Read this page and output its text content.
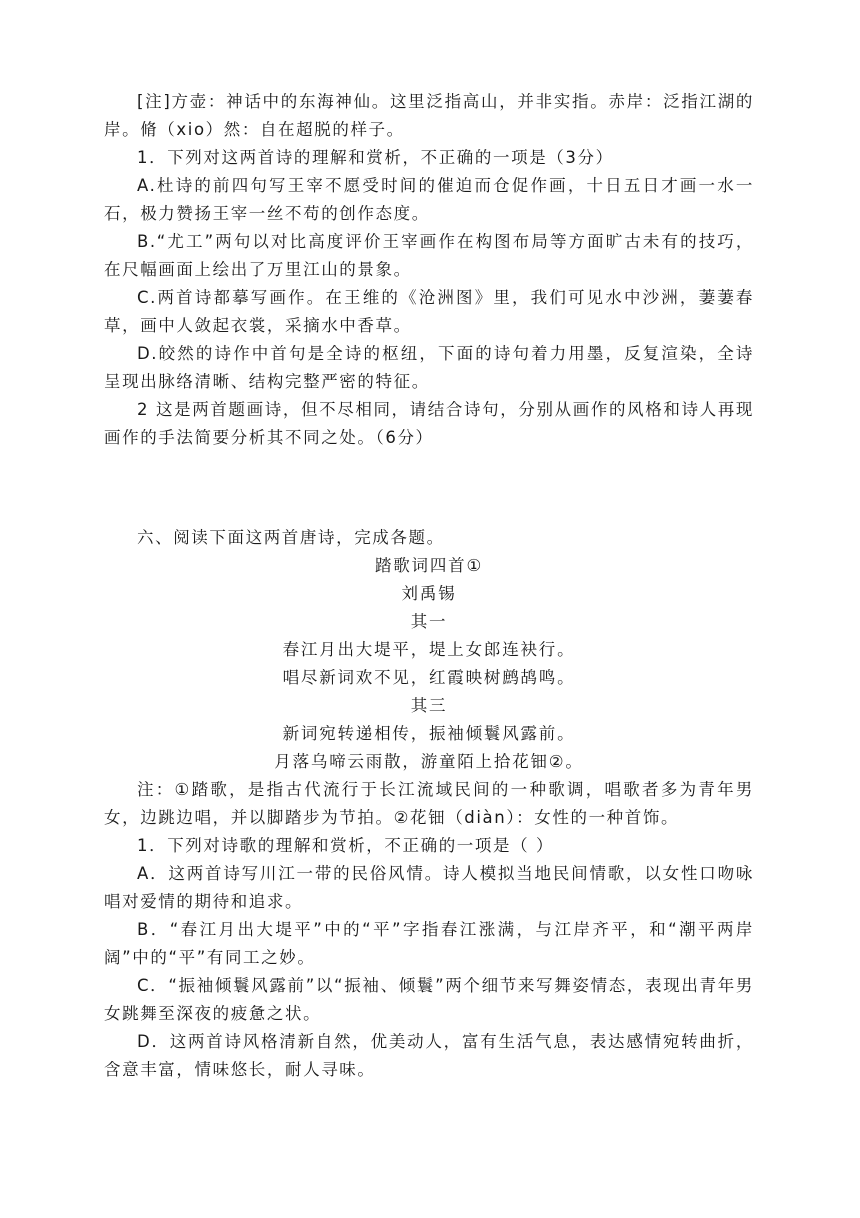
[注]方壶：神话中的东海神仙。这里泛指高山，并非实指。赤岸：泛指江湖的岸。脩（xio）然：自在超脱的样子。

1．下列对这两首诗的理解和赏析，不正确的一项是（3分）

A.杜诗的前四句写王宰不愿受时间的催迫而仓促作画，十日五日才画一水一石，极力赞扬王宰一丝不苟的创作态度。

B.“尤工”两句以对比高度评价王宰画作在构图布局等方面旷古未有的技巧，在尺幅画面上绘出了万里江山的景象。

C.两首诗都摹写画作。在王维的《沧洲图》里，我们可见水中沙洲，萋萋春草，画中人敛起衣裳，采摘水中香草。

D.皎然的诗作中首句是全诗的枢纽，下面的诗句着力用墨，反复渲染，全诗呈现出脉络清晰、结构完整严密的特征。

2 这是两首题画诗，但不尽相同，请结合诗句，分别从画作的风格和诗人再现画作的手法简要分析其不同之处。（6分）

六、阅读下面这两首唐诗，完成各题。

踏歌词四首①

刘禹锡

其一

春江月出大堤平，堤上女郎连袂行。

唱尽新词欢不见，红霞映树鹧鸪鸣。

其三

新词宛转递相传，振袖倾鬟风露前。

月落乌啼云雨散，游童陌上拾花钿②。

注：①踏歌，是指古代流行于长江流域民间的一种歌调，唱歌者多为青年男女，边跳边唱，并以脚踏步为节拍。②花钿（diàn）：女性的一种首饰。

1．下列对诗歌的理解和赏析，不正确的一项是（ ）

A．这两首诗写川江一带的民俗风情。诗人模拟当地民间情歌，以女性口吻咏唱对爱情的期待和追求。

B．“春江月出大堤平”中的“平”字指春江涨满，与江岸齐平，和“潮平两岸阔”中的“平”有同工之妙。

C．“振袖倾鬟风露前”以“振袖、倾鬟”两个细节来写舞姿情态，表现出青年男女跳舞至深夜的疲惫之状。

D．这两首诗风格清新自然，优美动人，富有生活气息，表达感情宛转曲折，含意丰富，情味悠长，耐人寻味。
